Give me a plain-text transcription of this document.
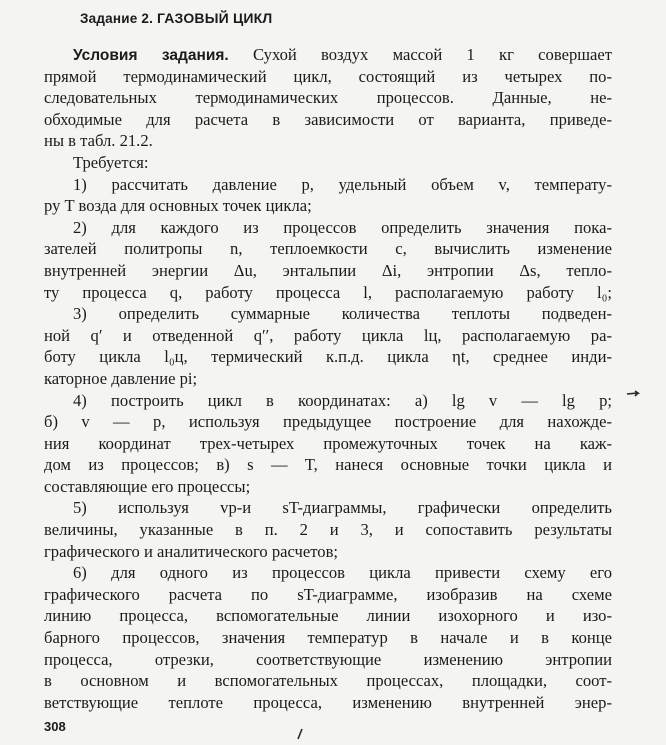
Задание 2. ГАЗОВЫЙ ЦИКЛ
Условия задания. Сухой воздух массой 1 кг совершает
прямой термодинамический цикл, состоящий из четырех по-
следовательных термодинамических процессов. Данные, не-
обходимые для расчета в зависимости от варианта, приведе-
ны в табл. 21.2.
Требуется:
1) рассчитать давление p, удельный объем v, температу-
ру T возда для основных точек цикла;
2) для каждого из процессов определить значения пока-
зателей политропы n, теплоемкости c, вычислить изменение
внутренней энергии Δu, энтальпии Δi, энтропии Δs, тепло-
ту процесса q, работу процесса l, располагаемую работу l₀;
3) определить суммарные количества теплоты подведен-
ной q′ и отведенной q′′, работу цикла lц, располагаемую ра-
боту цикла l₀ц, термический к.п.д. цикла ηt, среднее инди-
каторное давление pi;
4) построить цикл в координатах: а) lg v — lg p;
б) v — p, используя предыдущее построение для нахожде-
ния координат трех-четырех промежуточных точек на каж-
дом из процессов; в) s — T, нанеся основные точки цикла и
составляющие его процессы;
5) используя vp-и sT-диаграммы, графически определить
величины, указанные в п. 2 и 3, и сопоставить результаты
графического и аналитического расчетов;
6) для одного из процессов цикла привести схему его
графического расчета по sT-диаграмме, изобразив на схеме
линию процесса, вспомогательные линии изохорного и изо-
барного процессов, значения температур в начале и в конце
процесса, отрезки, соответствующие изменению энтропии
в основном и вспомогательных процессах, площадки, соот-
ветствующие теплоте процесса, изменению внутренней энер-
308
